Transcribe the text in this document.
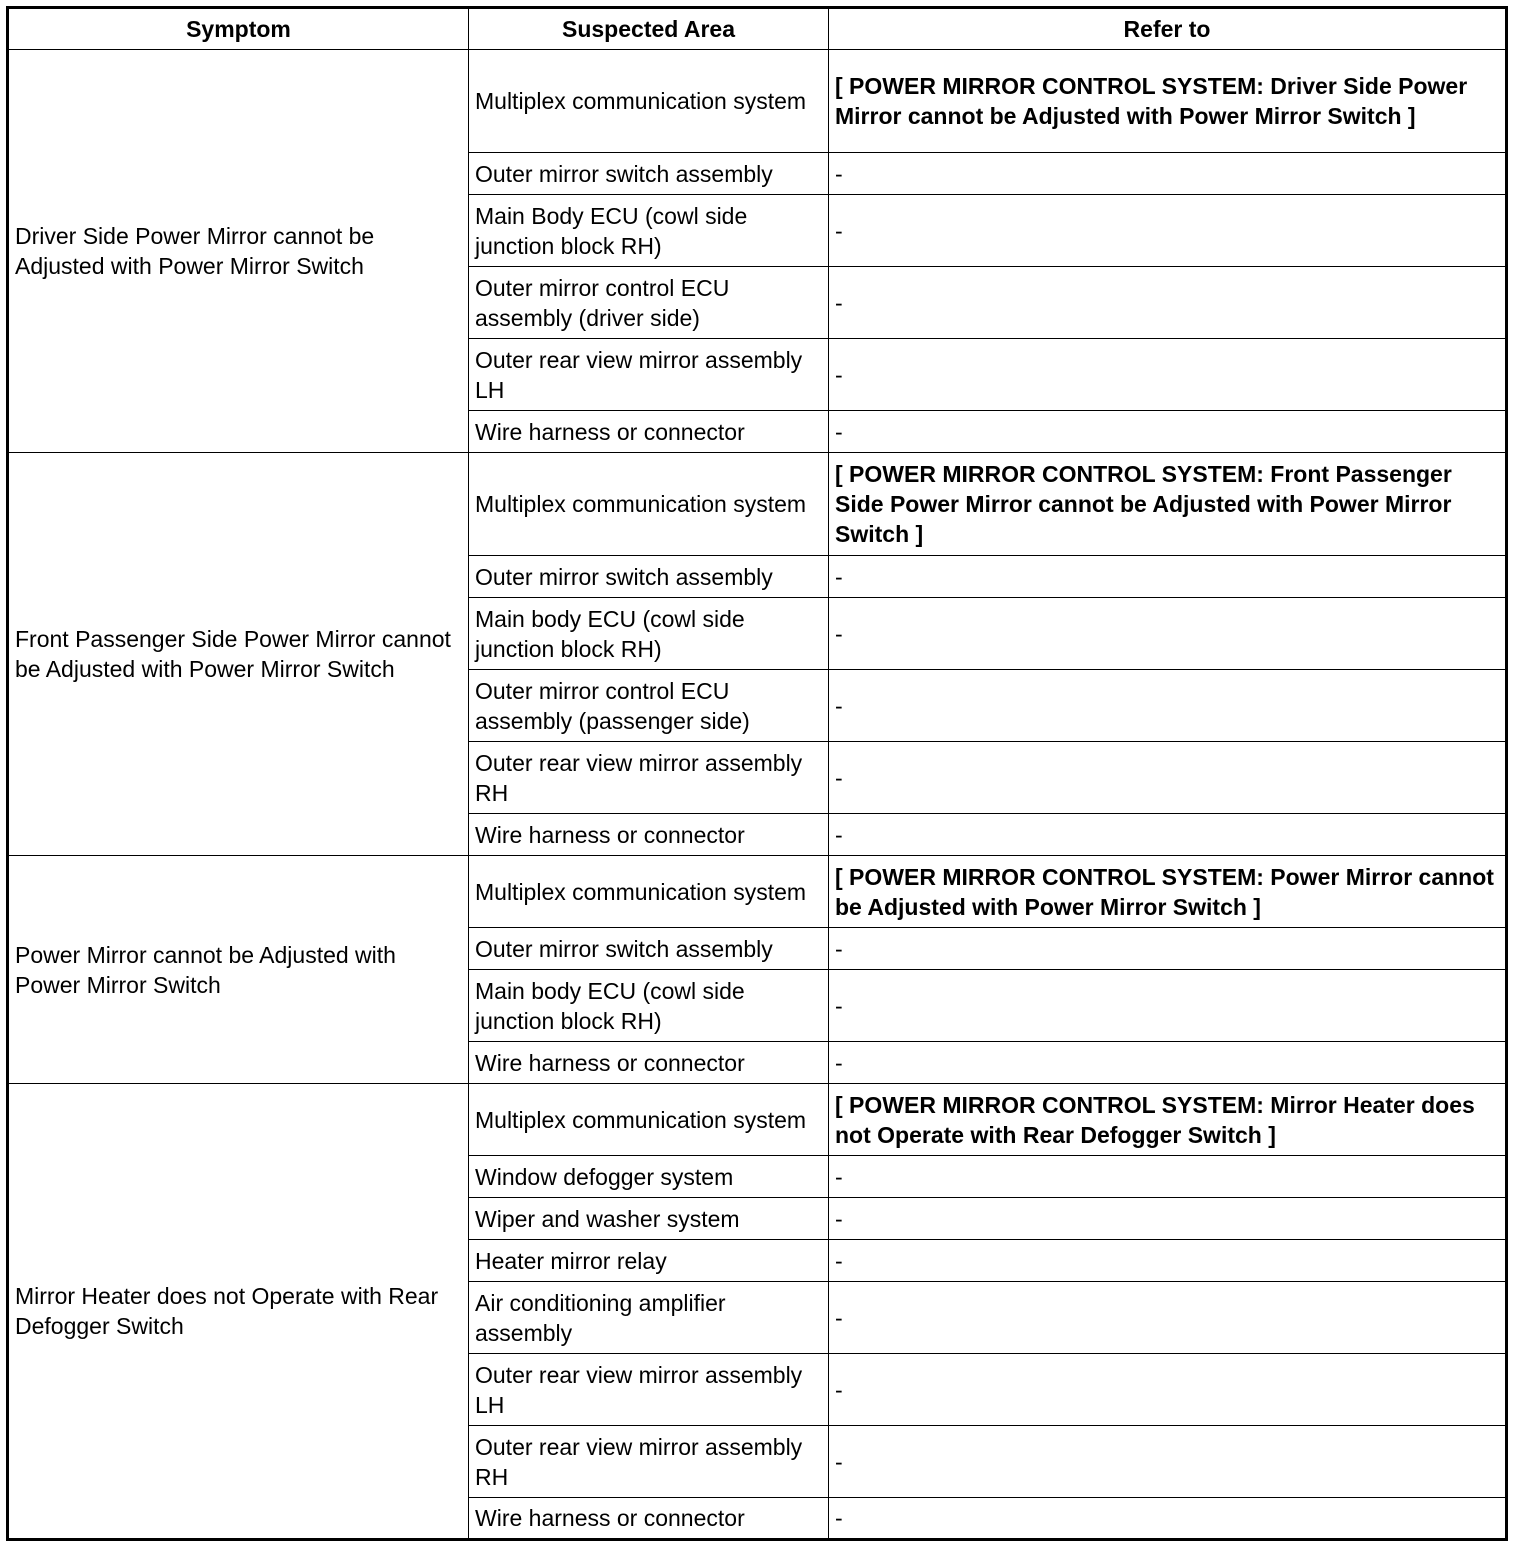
Symptom	Suspected Area	Refer to
Driver Side Power Mirror cannot be Adjusted with Power Mirror Switch	Multiplex communication system	[ POWER MIRROR CONTROL SYSTEM: Driver Side Power Mirror cannot be Adjusted with Power Mirror Switch ]
	Outer mirror switch assembly	-
	Main Body ECU (cowl side junction block RH)	-
	Outer mirror control ECU assembly (driver side)	-
	Outer rear view mirror assembly LH	-
	Wire harness or connector	-
Front Passenger Side Power Mirror cannot be Adjusted with Power Mirror Switch	Multiplex communication system	[ POWER MIRROR CONTROL SYSTEM: Front Passenger Side Power Mirror cannot be Adjusted with Power Mirror Switch ]
	Outer mirror switch assembly	-
	Main body ECU (cowl side junction block RH)	-
	Outer mirror control ECU assembly (passenger side)	-
	Outer rear view mirror assembly RH	-
	Wire harness or connector	-
Power Mirror cannot be Adjusted with Power Mirror Switch	Multiplex communication system	[ POWER MIRROR CONTROL SYSTEM: Power Mirror cannot be Adjusted with Power Mirror Switch ]
	Outer mirror switch assembly	-
	Main body ECU (cowl side junction block RH)	-
	Wire harness or connector	-
Mirror Heater does not Operate with Rear Defogger Switch	Multiplex communication system	[ POWER MIRROR CONTROL SYSTEM: Mirror Heater does not Operate with Rear Defogger Switch ]
	Window defogger system	-
	Wiper and washer system	-
	Heater mirror relay	-
	Air conditioning amplifier assembly	-
	Outer rear view mirror assembly LH	-
	Outer rear view mirror assembly RH	-
	Wire harness or connector	-
